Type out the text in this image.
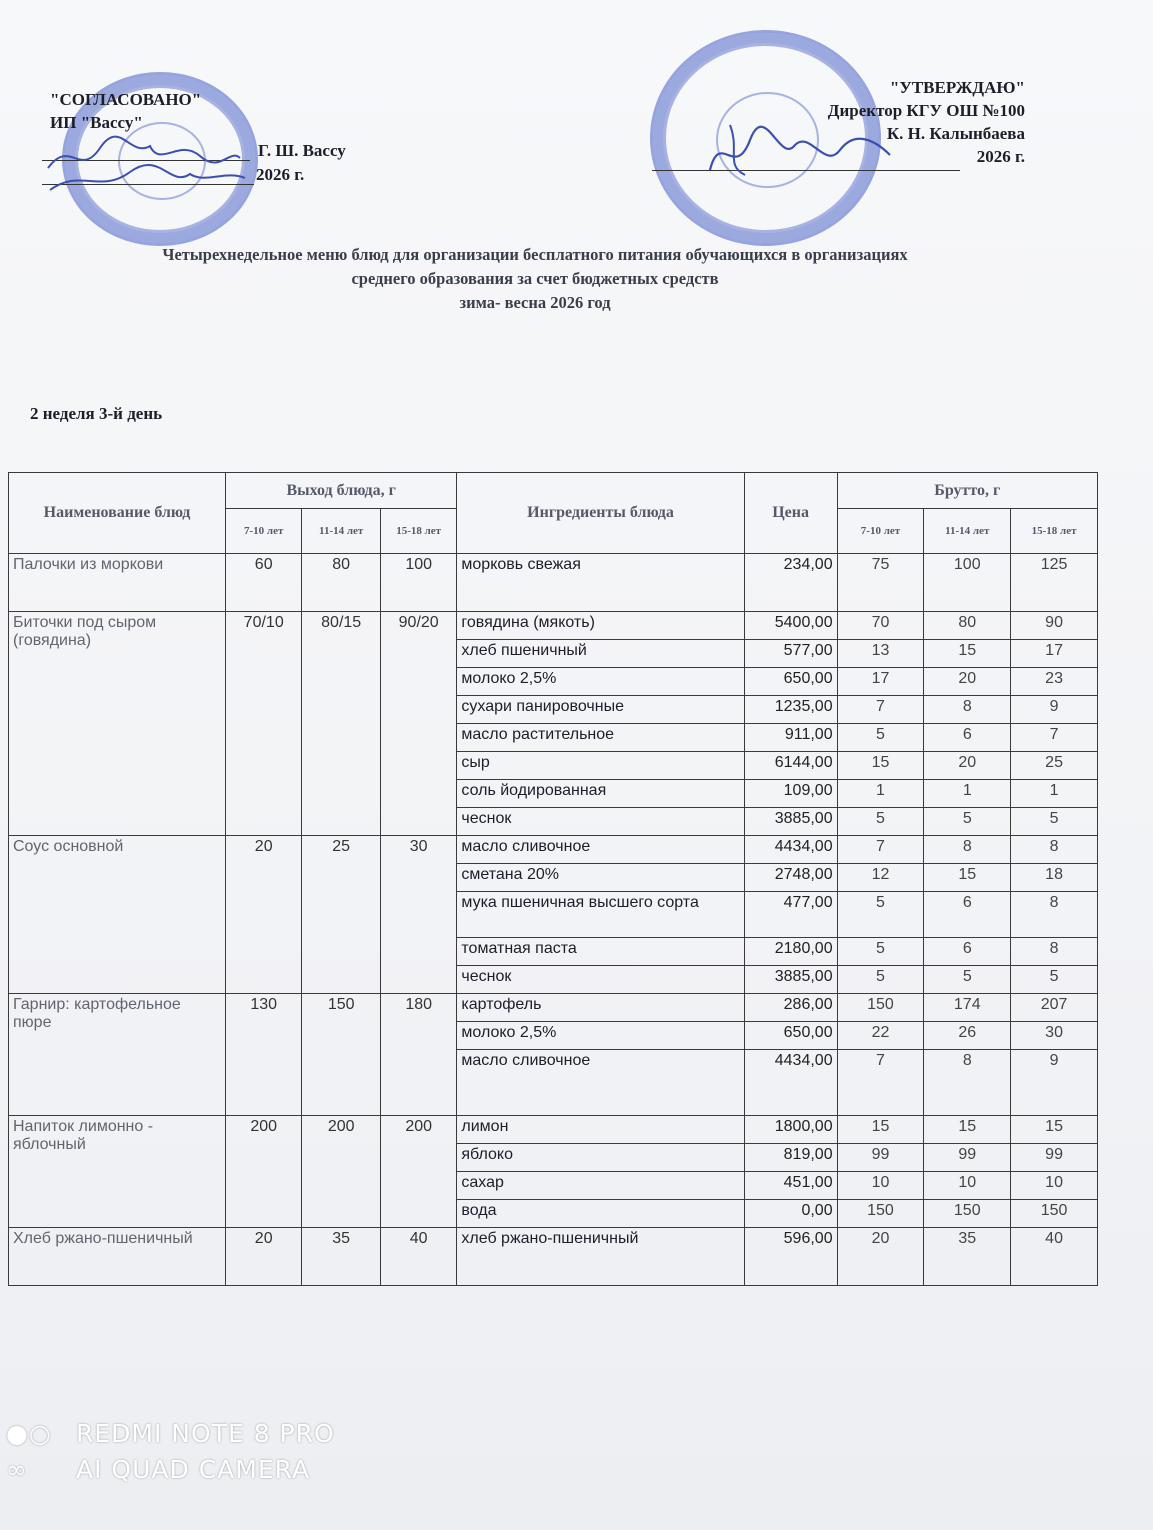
"СОГЛАСОВАНО"
ИП "Вассу"
Г. Ш. Вассу
2026 г.
"УТВЕРЖДАЮ"
Директор КГУ ОШ №100
К. Н. Калынбаева
2026 г.
Четырехнедельное меню блюд для организации бесплатного питания обучающихся в организациях
среднего образования за счет бюджетных средств
зима- весна 2026 год
2 неделя 3-й день
Наименование блюд	Выход блюда, г			Ингредиенты блюда	Цена	Брутто, г		
	7-10 лет	11-14 лет	15-18 лет			7-10 лет	11-14 лет	15-18 лет
Палочки из моркови	60	80	100	морковь свежая	234,00	75	100	125
Биточки под сыром (говядина)	70/10	80/15	90/20	говядина (мякоть)	5400,00	70	80	90
				хлеб пшеничный	577,00	13	15	17
				молоко 2,5%	650,00	17	20	23
				сухари панировочные	1235,00	7	8	9
				масло растительное	911,00	5	6	7
				сыр	6144,00	15	20	25
				соль йодированная	109,00	1	1	1
				чеснок	3885,00	5	5	5
Соус основной	20	25	30	масло сливочное	4434,00	7	8	8
				сметана 20%	2748,00	12	15	18
				мука пшеничная высшего сорта	477,00	5	6	8
				томатная паста	2180,00	5	6	8
				чеснок	3885,00	5	5	5
Гарнир: картофельное пюре	130	150	180	картофель	286,00	150	174	207
				молоко 2,5%	650,00	22	26	30
				масло сливочное	4434,00	7	8	9
Напиток лимонно - яблочный	200	200	200	лимон	1800,00	15	15	15
				яблоко	819,00	99	99	99
				сахар	451,00	10	10	10
				вода	0,00	150	150	150
Хлеб ржано-пшеничный	20	35	40	хлеб ржано-пшеничный	596,00	20	35	40
●○ REDMI NOTE 8 PRO
∞ AI QUAD CAMERA
